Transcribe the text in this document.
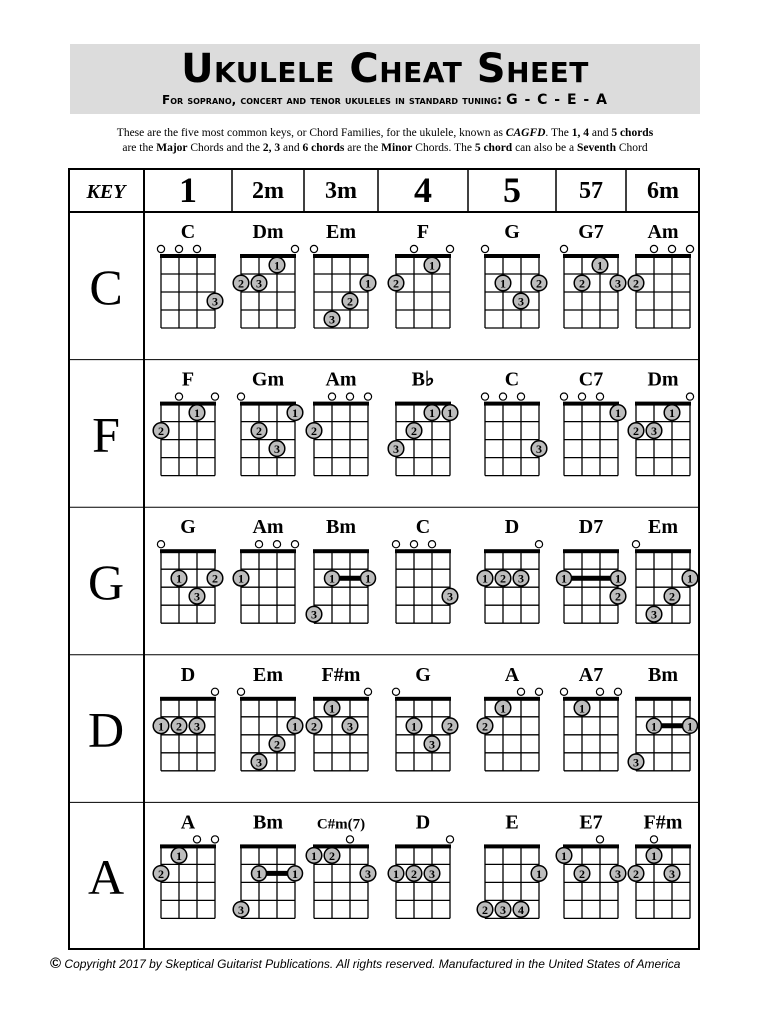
Ukulele Cheat Sheet
For soprano, concert and tenor ukuleles in standard tuning: G - C - E - A
These are the five most common keys, or Chord Families, for the ukulele, known as CAGFD. The 1, 4 and 5 chords
are the Major Chords and the 2, 3 and 6 chords are the Minor Chords. The 5 chord can also be a Seventh Chord
KEY 1 2m 3m 4 5 57 6m
C
C
3
Dm
2 3
1
Em
3
2
1
F
2
1
G
1
3
2
G7
2
1
3
Am
2
F
F
2
1
Gm
2
3
1
Am
2
B♭
3
2
1 1
C
3
C7
1
Dm
2 3
1
G
G
1
3
2
Am
1
Bm
1	1
3
C
3
D
1 2 3
D7
1	1
2
Em
3
2
1
D
D
1 2 3
Em
3
2
1
F#m
2
1
3
G
1
3
2
A
2
1
A7
1
Bm
1	1
3
A
A
2
1
Bm
1	1
3
C#m(7)
1 2
3
D
1 2 3
E
2 3 4
1
E7
1
2	3
F#m
2
1
3
© Copyright 2017 by Skeptical Guitarist Publications. All rights reserved. Manufactured in the United States of America
